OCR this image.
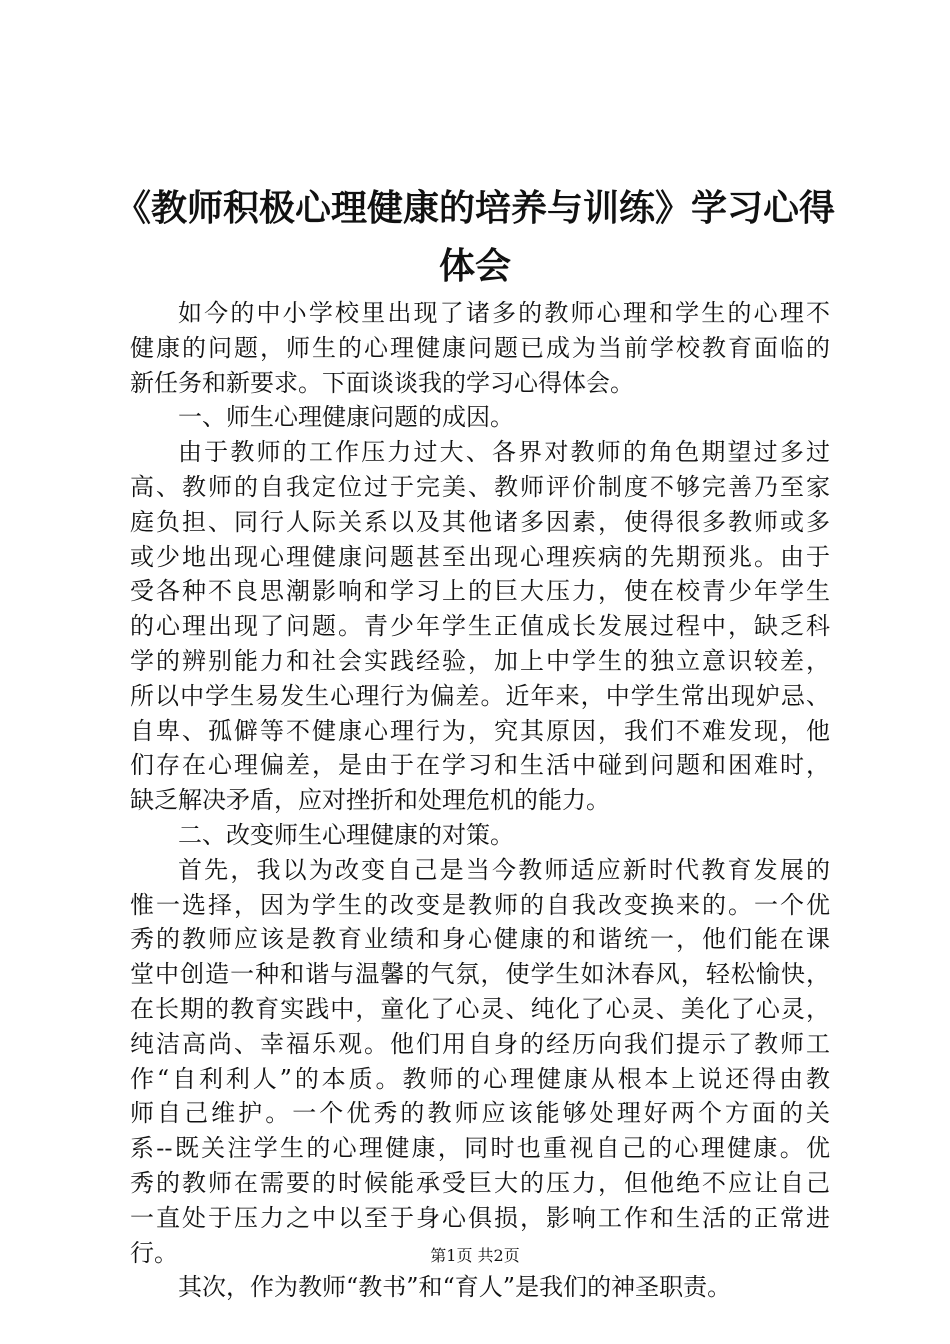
《教师积极心理健康的培养与训练》学习心得
体会
如今的中小学校里出现了诸多的教师心理和学生的心理不
健康的问题，师生的心理健康问题已成为当前学校教育面临的
新任务和新要求。下面谈谈我的学习心得体会。
一、师生心理健康问题的成因。
由于教师的工作压力过大、各界对教师的角色期望过多过
高、教师的自我定位过于完美、教师评价制度不够完善乃至家
庭负担、同行人际关系以及其他诸多因素，使得很多教师或多
或少地出现心理健康问题甚至出现心理疾病的先期预兆。由于
受各种不良思潮影响和学习上的巨大压力，使在校青少年学生
的心理出现了问题。青少年学生正值成长发展过程中，缺乏科
学的辨别能力和社会实践经验，加上中学生的独立意识较差，
所以中学生易发生心理行为偏差。近年来，中学生常出现妒忌、
自卑、孤僻等不健康心理行为，究其原因，我们不难发现，他
们存在心理偏差，是由于在学习和生活中碰到问题和困难时，
缺乏解决矛盾，应对挫折和处理危机的能力。
二、改变师生心理健康的对策。
首先，我以为改变自己是当今教师适应新时代教育发展的
惟一选择，因为学生的改变是教师的自我改变换来的。一个优
秀的教师应该是教育业绩和身心健康的和谐统一，他们能在课
堂中创造一种和谐与温馨的气氛，使学生如沐春风，轻松愉快，
在长期的教育实践中，童化了心灵、纯化了心灵、美化了心灵，
纯洁高尚、幸福乐观。他们用自身的经历向我们提示了教师工
作“自利利人”的本质。教师的心理健康从根本上说还得由教
师自己维护。一个优秀的教师应该能够处理好两个方面的关
系--既关注学生的心理健康，同时也重视自己的心理健康。优
秀的教师在需要的时候能承受巨大的压力，但他绝不应让自己
一直处于压力之中以至于身心俱损，影响工作和生活的正常进
行。
其次，作为教师“教书”和“育人”是我们的神圣职责。
第1页 共2页
